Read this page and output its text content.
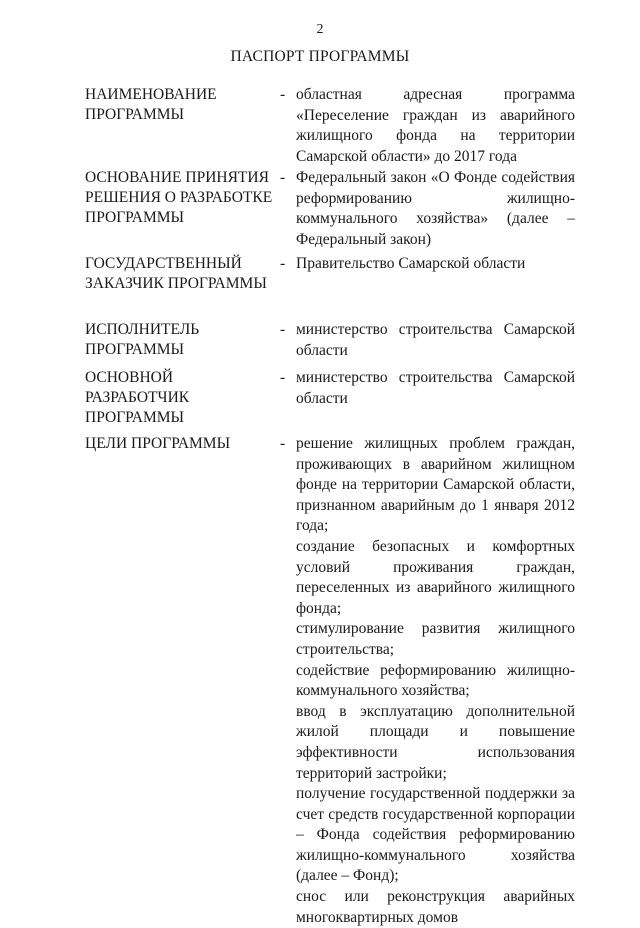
2
ПАСПОРТ ПРОГРАММЫ
НАИМЕНОВАНИЕ ПРОГРАММЫ
- областная адресная программа «Переселение граждан из аварийного жилищного фонда на территории Самарской области» до 2017 года

ОСНОВАНИЕ ПРИНЯТИЯ РЕШЕНИЯ О РАЗРАБОТКЕ ПРОГРАММЫ
- Федеральный закон «О Фонде содействия реформированию жилищно-коммунального хозяйства» (далее – Федеральный закон)

ГОСУДАРСТВЕННЫЙ ЗАКАЗЧИК ПРОГРАММЫ
- Правительство Самарской области

ИСПОЛНИТЕЛЬ ПРОГРАММЫ
- министерство строительства Самарской области

ОСНОВНОЙ РАЗРАБОТЧИК ПРОГРАММЫ
- министерство строительства Самарской области

ЦЕЛИ ПРОГРАММЫ	- решение жилищных проблем граждан, проживающих в аварийном жилищном фонде на территории Самарской области, признанном аварийным до 1 января 2012 года;

создание безопасных и комфортных условий проживания граждан, переселенных из аварийного жилищного фонда;

стимулирование развития жилищного строительства;

содействие реформированию жилищно-коммунального хозяйства;

ввод в эксплуатацию дополнительной жилой площади и повышение эффективности использования территорий застройки;

получение государственной поддержки за счет средств государственной корпорации – Фонда содействия реформированию жилищно-коммунального хозяйства (далее – Фонд);

снос или реконструкция аварийных многоквартирных домов
